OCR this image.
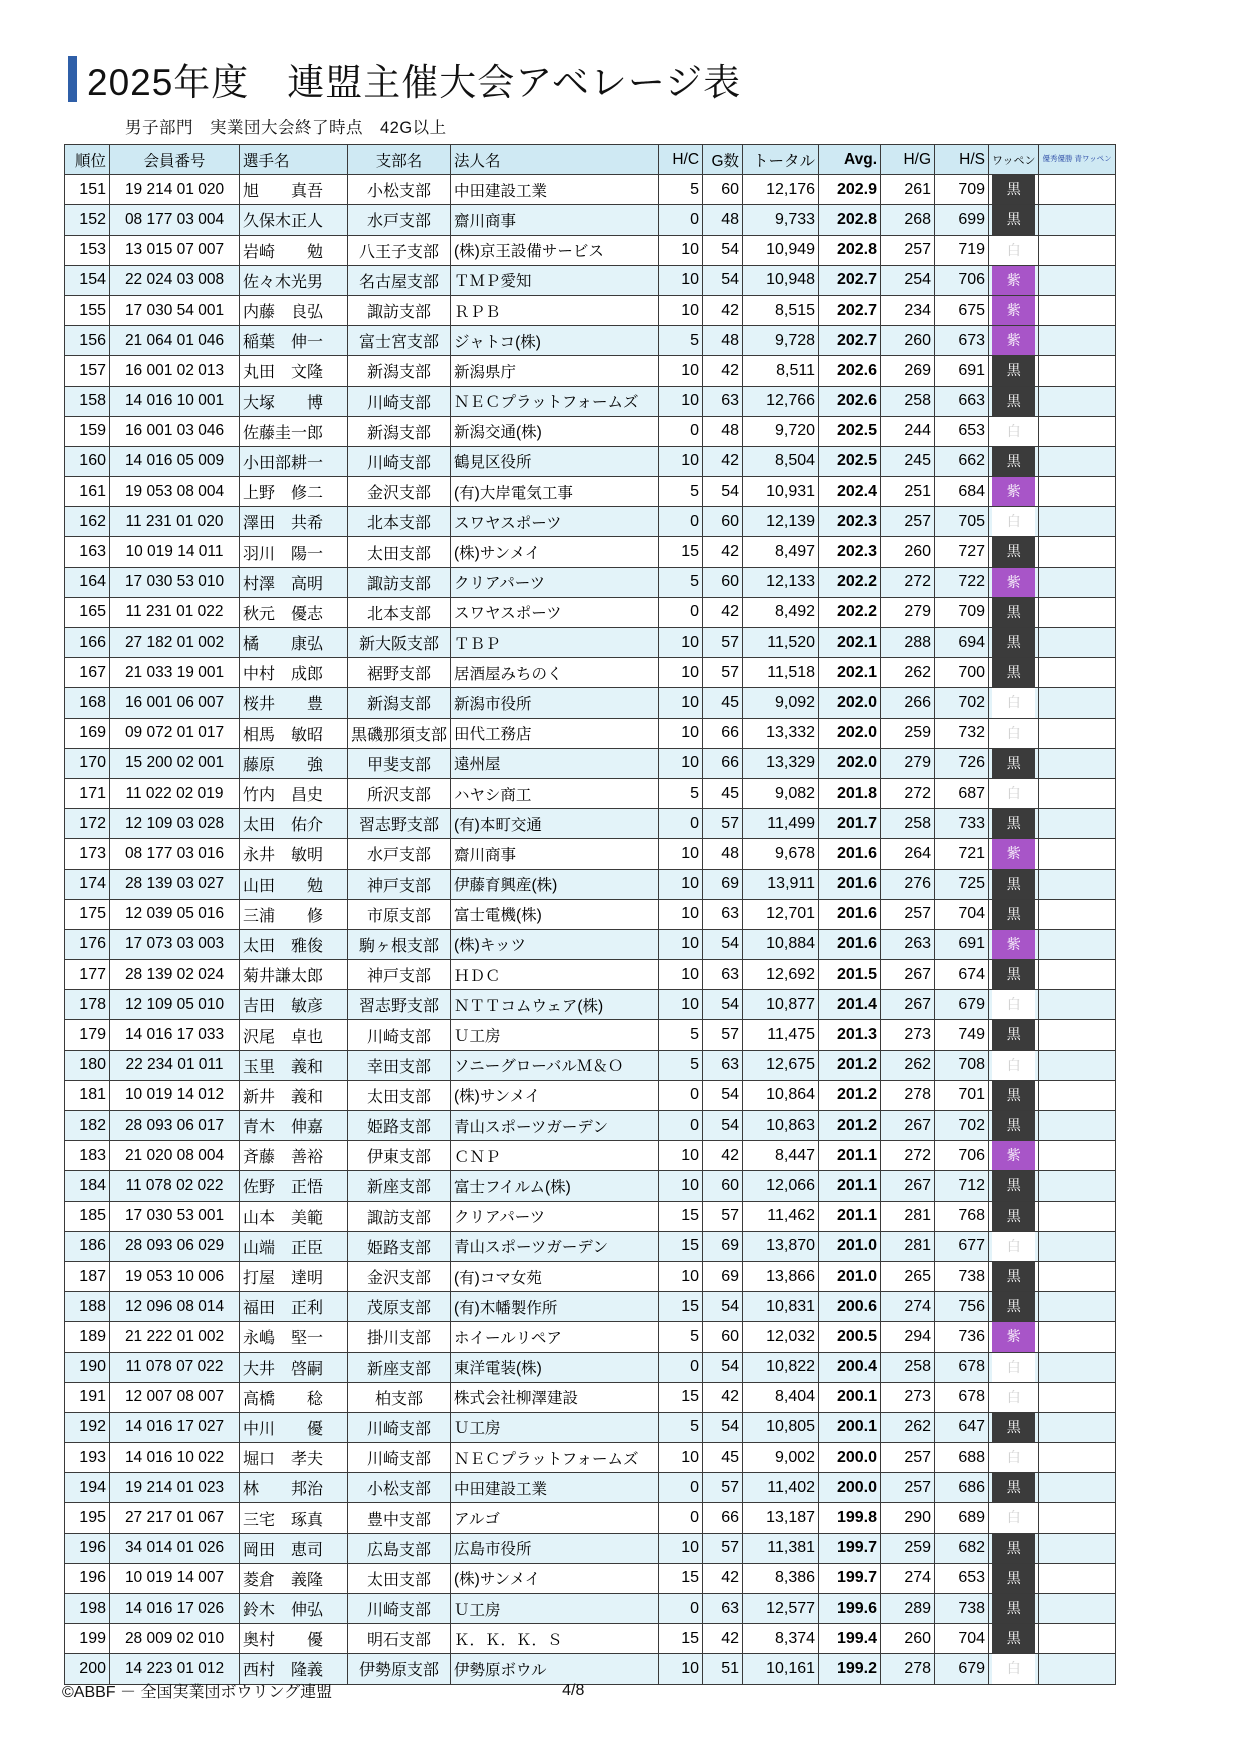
2025年度　連盟主催大会アベレージ表
男子部門　実業団大会終了時点　42G以上
順位	会員番号	選手名	支部名	法人名	H/C	G数	トータル	Avg.	H/G	H/S	ワッペン	優秀優勝 青ワッペン
151	19 214 01 020	旭　　真吾	小松支部	中田建設工業	5	60	12,176	202.9	261	709	黒	

152	08 177 03 004	久保木正人	水戸支部	齋川商事	0	48	9,733	202.8	268	699	黒	

153	13 015 07 007	岩崎　　勉	八王子支部	(株)京王設備サービス	10	54	10,949	202.8	257	719	白	

154	22 024 03 008	佐々木光男	名古屋支部	ＴＭＰ愛知	10	54	10,948	202.7	254	706	紫	

155	17 030 54 001	内藤　良弘	諏訪支部	ＲＰＢ	10	42	8,515	202.7	234	675	紫	

156	21 064 01 046	稲葉　伸一	富士宮支部	ジャトコ(株)	5	48	9,728	202.7	260	673	紫	

157	16 001 02 013	丸田　文隆	新潟支部	新潟県庁	10	42	8,511	202.6	269	691	黒	

158	14 016 10 001	大塚　　博	川崎支部	ＮＥＣプラットフォームズ	10	63	12,766	202.6	258	663	黒	

159	16 001 03 046	佐藤圭一郎	新潟支部	新潟交通(株)	0	48	9,720	202.5	244	653	白	

160	14 016 05 009	小田部耕一	川崎支部	鶴見区役所	10	42	8,504	202.5	245	662	黒	

161	19 053 08 004	上野　修二	金沢支部	(有)大岸電気工事	5	54	10,931	202.4	251	684	紫	

162	11 231 01 020	澤田　共希	北本支部	スワヤスポーツ	0	60	12,139	202.3	257	705	白	

163	10 019 14 011	羽川　陽一	太田支部	(株)サンメイ	15	42	8,497	202.3	260	727	黒	

164	17 030 53 010	村澤　高明	諏訪支部	クリアパーツ	5	60	12,133	202.2	272	722	紫	

165	11 231 01 022	秋元　優志	北本支部	スワヤスポーツ	0	42	8,492	202.2	279	709	黒	

166	27 182 01 002	橘　　康弘	新大阪支部	ＴＢＰ	10	57	11,520	202.1	288	694	黒	

167	21 033 19 001	中村　成郎	裾野支部	居酒屋みちのく	10	57	11,518	202.1	262	700	黒	

168	16 001 06 007	桜井　　豊	新潟支部	新潟市役所	10	45	9,092	202.0	266	702	白	

169	09 072 01 017	相馬　敏昭	黒磯那須支部	田代工務店	10	66	13,332	202.0	259	732	白	

170	15 200 02 001	藤原　　強	甲斐支部	遠州屋	10	66	13,329	202.0	279	726	黒	

171	11 022 02 019	竹内　昌史	所沢支部	ハヤシ商工	5	45	9,082	201.8	272	687	白	

172	12 109 03 028	太田　佑介	習志野支部	(有)本町交通	0	57	11,499	201.7	258	733	黒	

173	08 177 03 016	永井　敏明	水戸支部	齋川商事	10	48	9,678	201.6	264	721	紫	

174	28 139 03 027	山田　　勉	神戸支部	伊藤育興産(株)	10	69	13,911	201.6	276	725	黒	

175	12 039 05 016	三浦　　修	市原支部	富士電機(株)	10	63	12,701	201.6	257	704	黒	

176	17 073 03 003	太田　雅俊	駒ヶ根支部	(株)キッツ	10	54	10,884	201.6	263	691	紫	

177	28 139 02 024	菊井謙太郎	神戸支部	ＨＤＣ	10	63	12,692	201.5	267	674	黒	

178	12 109 05 010	吉田　敏彦	習志野支部	ＮＴＴコムウェア(株)	10	54	10,877	201.4	267	679	白	

179	14 016 17 033	沢尾　卓也	川崎支部	Ｕ工房	5	57	11,475	201.3	273	749	黒	

180	22 234 01 011	玉里　義和	幸田支部	ソニーグローバルＭ＆Ｏ	5	63	12,675	201.2	262	708	白	

181	10 019 14 012	新井　義和	太田支部	(株)サンメイ	0	54	10,864	201.2	278	701	黒	

182	28 093 06 017	青木　伸嘉	姫路支部	青山スポーツガーデン	0	54	10,863	201.2	267	702	黒	

183	21 020 08 004	斉藤　善裕	伊東支部	ＣＮＰ	10	42	8,447	201.1	272	706	紫	

184	11 078 02 022	佐野　正悟	新座支部	富士フイルム(株)	10	60	12,066	201.1	267	712	黒	

185	17 030 53 001	山本　美範	諏訪支部	クリアパーツ	15	57	11,462	201.1	281	768	黒	

186	28 093 06 029	山端　正臣	姫路支部	青山スポーツガーデン	15	69	13,870	201.0	281	677	白	

187	19 053 10 006	打屋　達明	金沢支部	(有)コマ女苑	10	69	13,866	201.0	265	738	黒	

188	12 096 08 014	福田　正利	茂原支部	(有)木幡製作所	15	54	10,831	200.6	274	756	黒	

189	21 222 01 002	永嶋　堅一	掛川支部	ホイールリペア	5	60	12,032	200.5	294	736	紫	

190	11 078 07 022	大井　啓嗣	新座支部	東洋電装(株)	0	54	10,822	200.4	258	678	白	

191	12 007 08 007	高橋　　稔	柏支部	株式会社柳澤建設	15	42	8,404	200.1	273	678	白	

192	14 016 17 027	中川　　優	川崎支部	Ｕ工房	5	54	10,805	200.1	262	647	黒	

193	14 016 10 022	堀口　孝夫	川崎支部	ＮＥＣプラットフォームズ	10	45	9,002	200.0	257	688	白	

194	19 214 01 023	林　　邦治	小松支部	中田建設工業	0	57	11,402	200.0	257	686	黒	

195	27 217 01 067	三宅　琢真	豊中支部	アルゴ	0	66	13,187	199.8	290	689	白	

196	34 014 01 026	岡田　恵司	広島支部	広島市役所	10	57	11,381	199.7	259	682	黒	

196	10 019 14 007	菱倉　義隆	太田支部	(株)サンメイ	15	42	8,386	199.7	274	653	黒	

198	14 016 17 026	鈴木　伸弘	川崎支部	Ｕ工房	0	63	12,577	199.6	289	738	黒	

199	28 009 02 010	奥村　　優	明石支部	Ｋ．Ｋ．Ｋ．Ｓ	15	42	8,374	199.4	260	704	黒	

200	14 223 01 012	西村　隆義	伊勢原支部	伊勢原ボウル	10	51	10,161	199.2	278	679	白	

©ABBF － 全国実業団ボウリング連盟	4/8
